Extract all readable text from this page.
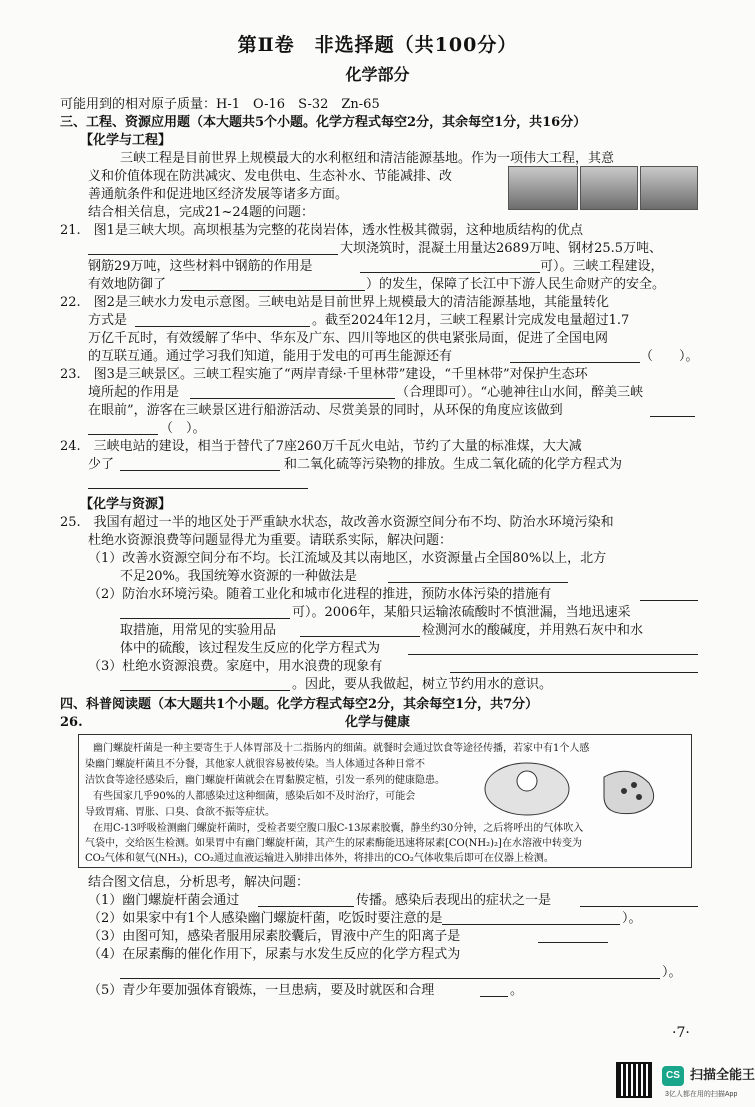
第Ⅱ卷　非选择题（共100分）
化学部分
可能用到的相对原子质量：H-1　O-16　S-32　Zn-65
三、工程、资源应用题（本大题共5个小题。化学方程式每空2分，其余每空1分，共16分）
【化学与工程】
三峡工程是目前世界上规模最大的水利枢纽和清洁能源基地。作为一项伟大工程，其意
义和价值体现在防洪减灾、发电供电、生态补水、节能减排、改
善通航条件和促进地区经济发展等诸多方面。
结合相关信息，完成21~24题的问题：
21.　图1是三峡大坝。高坝根基为完整的花岗岩体，透水性极其微弱，这种地质结构的优点
大坝浇筑时，混凝土用量达2689万吨、钢材25.5万吨、
钢筋29万吨，这些材料中钢筋的作用是	可）。三峡工程建设，
有效地防御了	）的发生，保障了长江中下游人民生命财产的安全。
22.　图2是三峡水力发电示意图。三峡电站是目前世界上规模最大的清洁能源基地，其能量转化
方式是	。截至2024年12月，三峡工程累计完成发电量超过1.7
万亿千瓦时，有效缓解了华中、华东及广东、四川等地区的供电紧张局面，促进了全国电网
的互联互通。通过学习我们知道，能用于发电的可再生能源还有	（　　）。
23.　图3是三峡景区。三峡工程实施了“两岸青绿·千里林带”建设，“千里林带”对保护生态环
境所起的作用是	（合理即可）。“心驰神往山水间，醉美三峡
在眼前”，游客在三峡景区进行船游活动、尽赏美景的同时，从环保的角度应该做到
（　）。
24.　三峡电站的建设，相当于替代了7座260万千瓦火电站，节约了大量的标准煤，大大减
少了	和二氧化硫等污染物的排放。生成二氧化硫的化学方程式为
【化学与资源】
25.　我国有超过一半的地区处于严重缺水状态，故改善水资源空间分布不均、防治水环境污染和
杜绝水资源浪费等问题显得尤为重要。请联系实际，解决问题：
（1）改善水资源空间分布不均。长江流域及其以南地区，水资源量占全国80%以上，北方
不足20%。我国统筹水资源的一种做法是
（2）防治水环境污染。随着工业化和城市化进程的推进，预防水体污染的措施有
可）。2006年，某船只运输浓硫酸时不慎泄漏，当地迅速采
取措施，用常见的实验用品	检测河水的酸碱度，并用熟石灰中和水
体中的硫酸，该过程发生反应的化学方程式为
（3）杜绝水资源浪费。家庭中，用水浪费的现象有
。因此，要从我做起，树立节约用水的意识。
四、科普阅读题（本大题共1个小题。化学方程式每空2分，其余每空1分，共7分）
26.	化学与健康
幽门螺旋杆菌是一种主要寄生于人体胃部及十二指肠内的细菌。就餐时会通过饮食等途径传播，若家中有1个人感
染幽门螺旋杆菌且不分餐，其他家人就很容易被传染。当人体通过各种日常不
洁饮食等途径感染后，幽门螺旋杆菌就会在胃黏膜定植，引发一系列的健康隐患。
有些国家几乎90%的人都感染过这种细菌，感染后如不及时治疗，可能会
导致胃痛、胃胀、口臭、食欲不振等症状。
在用C-13呼吸检测幽门螺旋杆菌时，受检者要空腹口服C-13尿素胶囊，静坐约30分钟，之后将呼出的气体吹入
气袋中，交给医生检测。如果胃中有幽门螺旋杆菌，其产生的尿素酶能迅速将尿素[CO(NH₂)₂]在水溶液中转变为
CO₂气体和氨气(NH₃)，CO₂通过血液运输进入肺排出体外，将排出的CO₂气体收集后即可在仪器上检测。
结合图文信息，分析思考，解决问题：
（1）幽门螺旋杆菌会通过	传播。感染后表现出的症状之一是
（2）如果家中有1个人感染幽门螺旋杆菌，吃饭时要注意的是	）。
（3）由图可知，感染者服用尿素胶囊后，胃液中产生的阳离子是
（4）在尿素酶的催化作用下，尿素与水发生反应的化学方程式为
）。
（5）青少年要加强体育锻炼，一旦患病，要及时就医和合理	。
·7·
CS 扫描全能王
3亿人都在用的扫描App
